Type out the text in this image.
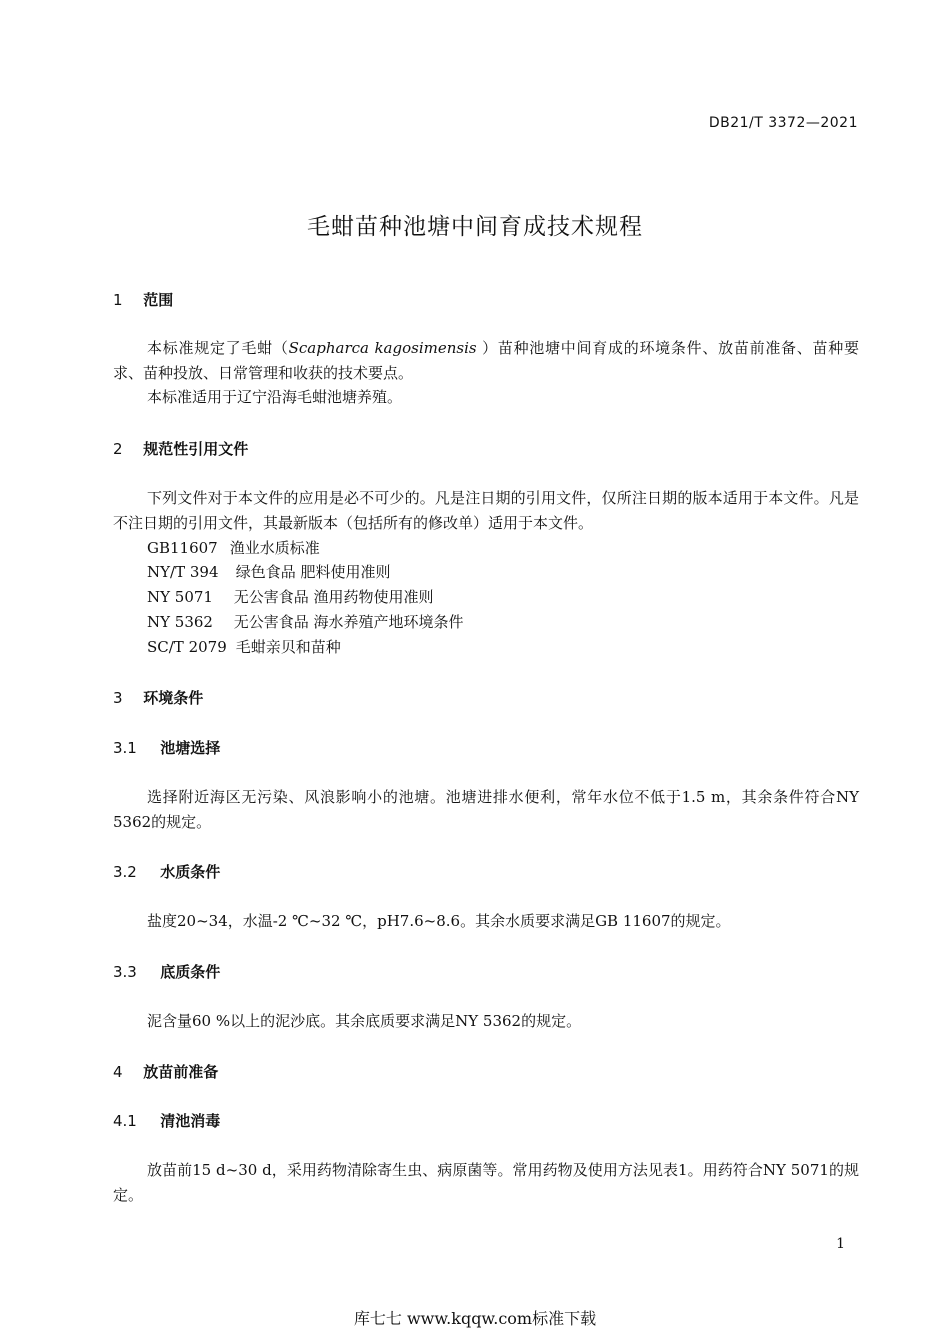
DB21/T 3372—2021
毛蚶苗种池塘中间育成技术规程
1 范围
本标准规定了毛蚶（Scapharca kagosimensis ）苗种池塘中间育成的环境条件、放苗前准备、苗种要求、苗种投放、日常管理和收获的技术要点。
本标准适用于辽宁沿海毛蚶池塘养殖。
2 规范性引用文件
下列文件对于本文件的应用是必不可少的。凡是注日期的引用文件，仅所注日期的版本适用于本文件。凡是不注日期的引用文件，其最新版本（包括所有的修改单）适用于本文件。
GB11607 渔业水质标准
NY/T 394 绿色食品 肥料使用准则
NY 5071 无公害食品 渔用药物使用准则
NY 5362 无公害食品 海水养殖产地环境条件
SC/T 2079 毛蚶亲贝和苗种
3 环境条件
3.1 池塘选择
选择附近海区无污染、风浪影响小的池塘。池塘进排水便利，常年水位不低于1.5 m，其余条件符合NY 5362的规定。
3.2 水质条件
盐度20~34，水温-2 ℃~32 ℃，pH7.6~8.6。其余水质要求满足GB 11607的规定。
3.3 底质条件
泥含量60 %以上的泥沙底。其余底质要求满足NY 5362的规定。
4 放苗前准备
4.1 清池消毒
放苗前15 d~30 d，采用药物清除寄生虫、病原菌等。常用药物及使用方法见表1。用药符合NY 5071的规定。
1
库七七 www.kqqw.com标准下载
